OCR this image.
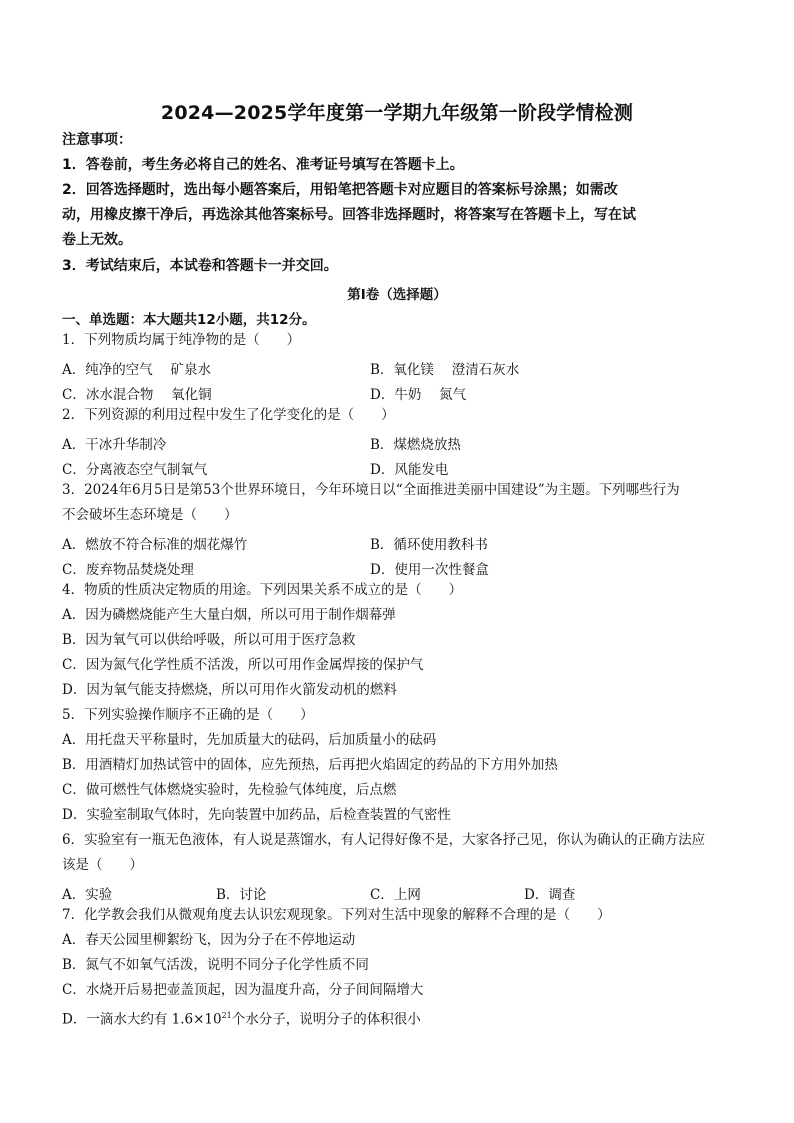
2024—2025学年度第一学期九年级第一阶段学情检测
注意事项：
1．答卷前，考生务必将自己的姓名、准考证号填写在答题卡上。
2．回答选择题时，选出每小题答案后，用铅笔把答题卡对应题目的答案标号涂黑；如需改
动，用橡皮擦干净后，再选涂其他答案标号。回答非选择题时，将答案写在答题卡上，写在试
卷上无效。
3．考试结束后，本试卷和答题卡一并交回。
第Ⅰ卷（选择题）
一、单选题：本大题共12小题，共12分。
1．下列物质均属于纯净物的是（　　）
A．纯净的空气　 矿泉水	B．氧化镁　 澄清石灰水
C．冰水混合物　 氧化铜	D．牛奶　 氮气
2．下列资源的利用过程中发生了化学变化的是（　　）
A．干冰升华制冷	B．煤燃烧放热
C．分离液态空气制氧气	D．风能发电
3．2024年6月5日是第53个世界环境日，今年环境日以“全面推进美丽中国建设”为主题。下列哪些行为
不会破坏生态环境是（　　）
A．燃放不符合标准的烟花爆竹	B．循环使用教科书
C．废弃物品焚烧处理	D．使用一次性餐盒
4．物质的性质决定物质的用途。下列因果关系不成立的是（　　）
A．因为磷燃烧能产生大量白烟，所以可用于制作烟幕弹
B．因为氧气可以供给呼吸，所以可用于医疗急救
C．因为氮气化学性质不活泼，所以可用作金属焊接的保护气
D．因为氧气能支持燃烧，所以可用作火箭发动机的燃料
5．下列实验操作顺序不正确的是（　　）
A．用托盘天平称量时，先加质量大的砝码，后加质量小的砝码
B．用酒精灯加热试管中的固体，应先预热，后再把火焰固定的药品的下方用外加热
C．做可燃性气体燃烧实验时，先检验气体纯度，后点燃
D．实验室制取气体时，先向装置中加药品，后检查装置的气密性
6．实验室有一瓶无色液体，有人说是蒸馏水，有人记得好像不是，大家各抒己见，你认为确认的正确方法应
该是（　　）
A．实验	B．讨论	C．上网	D．调查
7．化学教会我们从微观角度去认识宏观现象。下列对生活中现象的解释不合理的是（　　）
A．春天公园里柳絮纷飞，因为分子在不停地运动
B．氮气不如氧气活泼，说明不同分子化学性质不同
C．水烧开后易把壶盖顶起，因为温度升高，分子间间隔增大
D．一滴水大约有 $1.6\times 10^{21}$个水分子，说明分子的体积很小
